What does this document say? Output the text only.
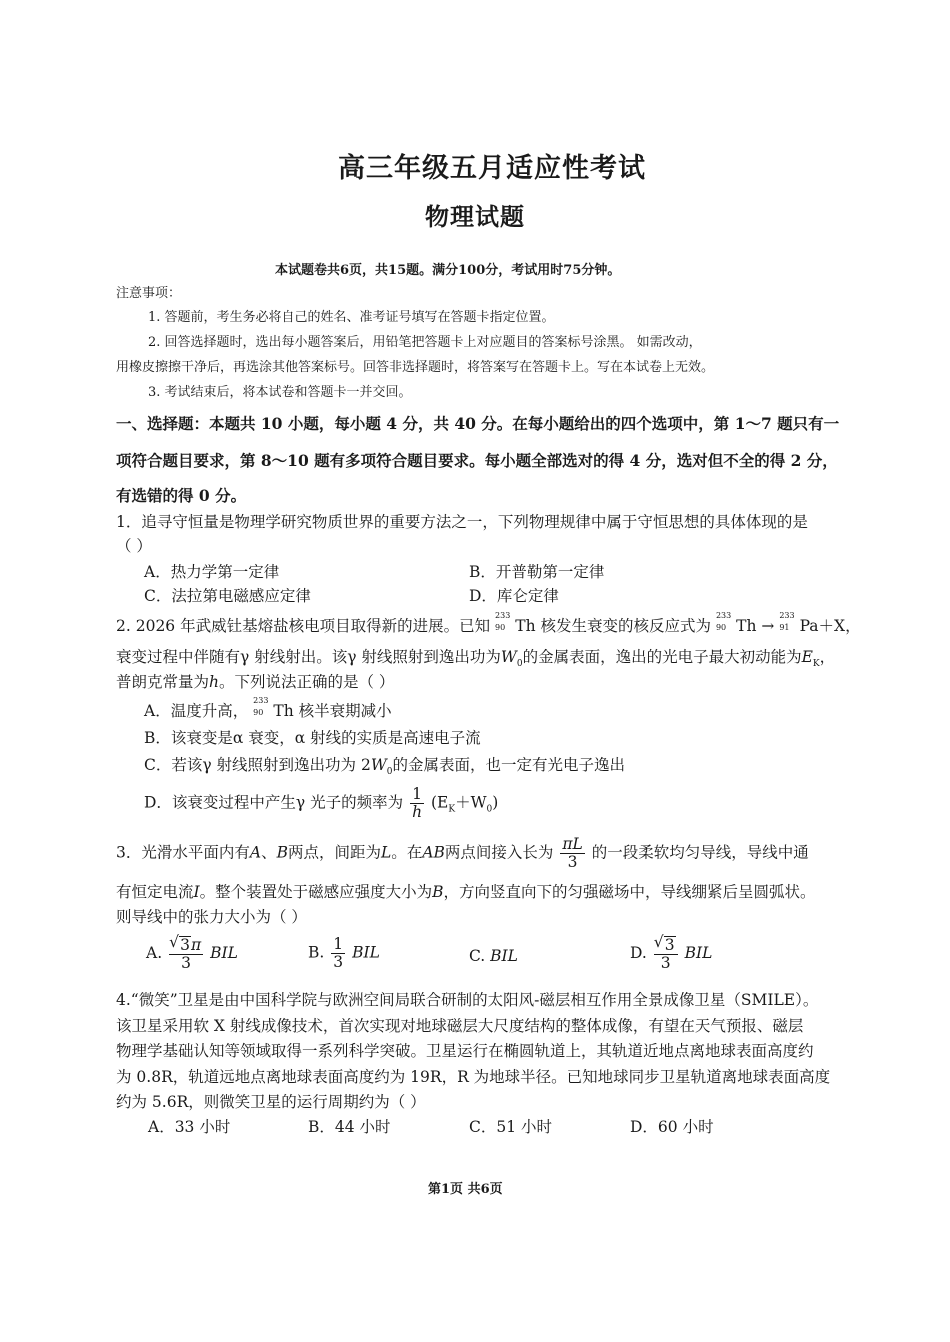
高三年级五月适应性考试
物理试题
本试题卷共6页，共15题。满分100分，考试用时75分钟。
注意事项：
1. 答题前，考生务必将自己的姓名、准考证号填写在答题卡指定位置。
2. 回答选择题时，选出每小题答案后，用铅笔把答题卡上对应题目的答案标号涂黑。 如需改动，
用橡皮擦擦干净后，再选涂其他答案标号。回答非选择题时，将答案写在答题卡上。写在本试卷上无效。
3. 考试结束后，将本试卷和答题卡一并交回。
一、选择题：本题共 10 小题，每小题 4 分，共 40 分。在每小题给出的四个选项中，第 1～7 题只有一
项符合题目要求，第 8～10 题有多项符合题目要求。每小题全部选对的得 4 分，选对但不全的得 2 分，
有选错的得 0 分。
1．追寻守恒量是物理学研究物质世界的重要方法之一，下列物理规律中属于守恒思想的具体体现的是
（ ）
A．热力学第一定律	B．开普勒第一定律
C．法拉第电磁感应定律	D．库仑定律
2. 2026 年武威钍基熔盐核电项目取得新的进展。已知
233
90 Th 核发生衰变的核反应式为
233
90 Th →
233
91 Pa＋X，
衰变过程中伴随有γ 射线射出。该γ 射线照射到逸出功为$W_0$的金属表面，逸出的光电子最大初动能为$E_K$，
普朗克常量为h。下列说法正确的是（ ）
A．温度升高，
233
90 Th 核半衰期减小
B．该衰变是α 衰变，α 射线的实质是高速电子流
C．若该γ 射线照射到逸出功为 $2W_0$的金属表面，也一定有光电子逸出
D．该衰变过程中产生γ 光子的频率为 $\frac{1}{h} (E_K+W_0)$
3．光滑水平面内有A、B两点，间距为L。在AB两点间接入长为 $\frac{\pi L}{3}$ 的一段柔软均匀导线，导线中通
有恒定电流I。整个装置处于磁感应强度大小为B，方向竖直向下的匀强磁场中，导线绷紧后呈圆弧状。
则导线中的张力大小为（ ）
A. √ $\frac{3\pi}{3}$ BIL	B. $\frac{1}{3}$ BIL	C. BIL	D. √ $\frac{3}{3}$ BIL
4.“微笑”卫星是由中国科学院与欧洲空间局联合研制的太阳风-磁层相互作用全景成像卫星（SMILE）。
该卫星采用软 X 射线成像技术，首次实现对地球磁层大尺度结构的整体成像，有望在天气预报、磁层
物理学基础认知等领域取得一系列科学突破。卫星运行在椭圆轨道上，其轨道近地点离地球表面高度约
为 0.8R，轨道远地点离地球表面高度约为 19R，R 为地球半径。已知地球同步卫星轨道离地球表面高度
约为 5.6R，则微笑卫星的运行周期约为（ ）
A．33 小时	B．44 小时	C．51 小时	D．60 小时
第1页 共6页
